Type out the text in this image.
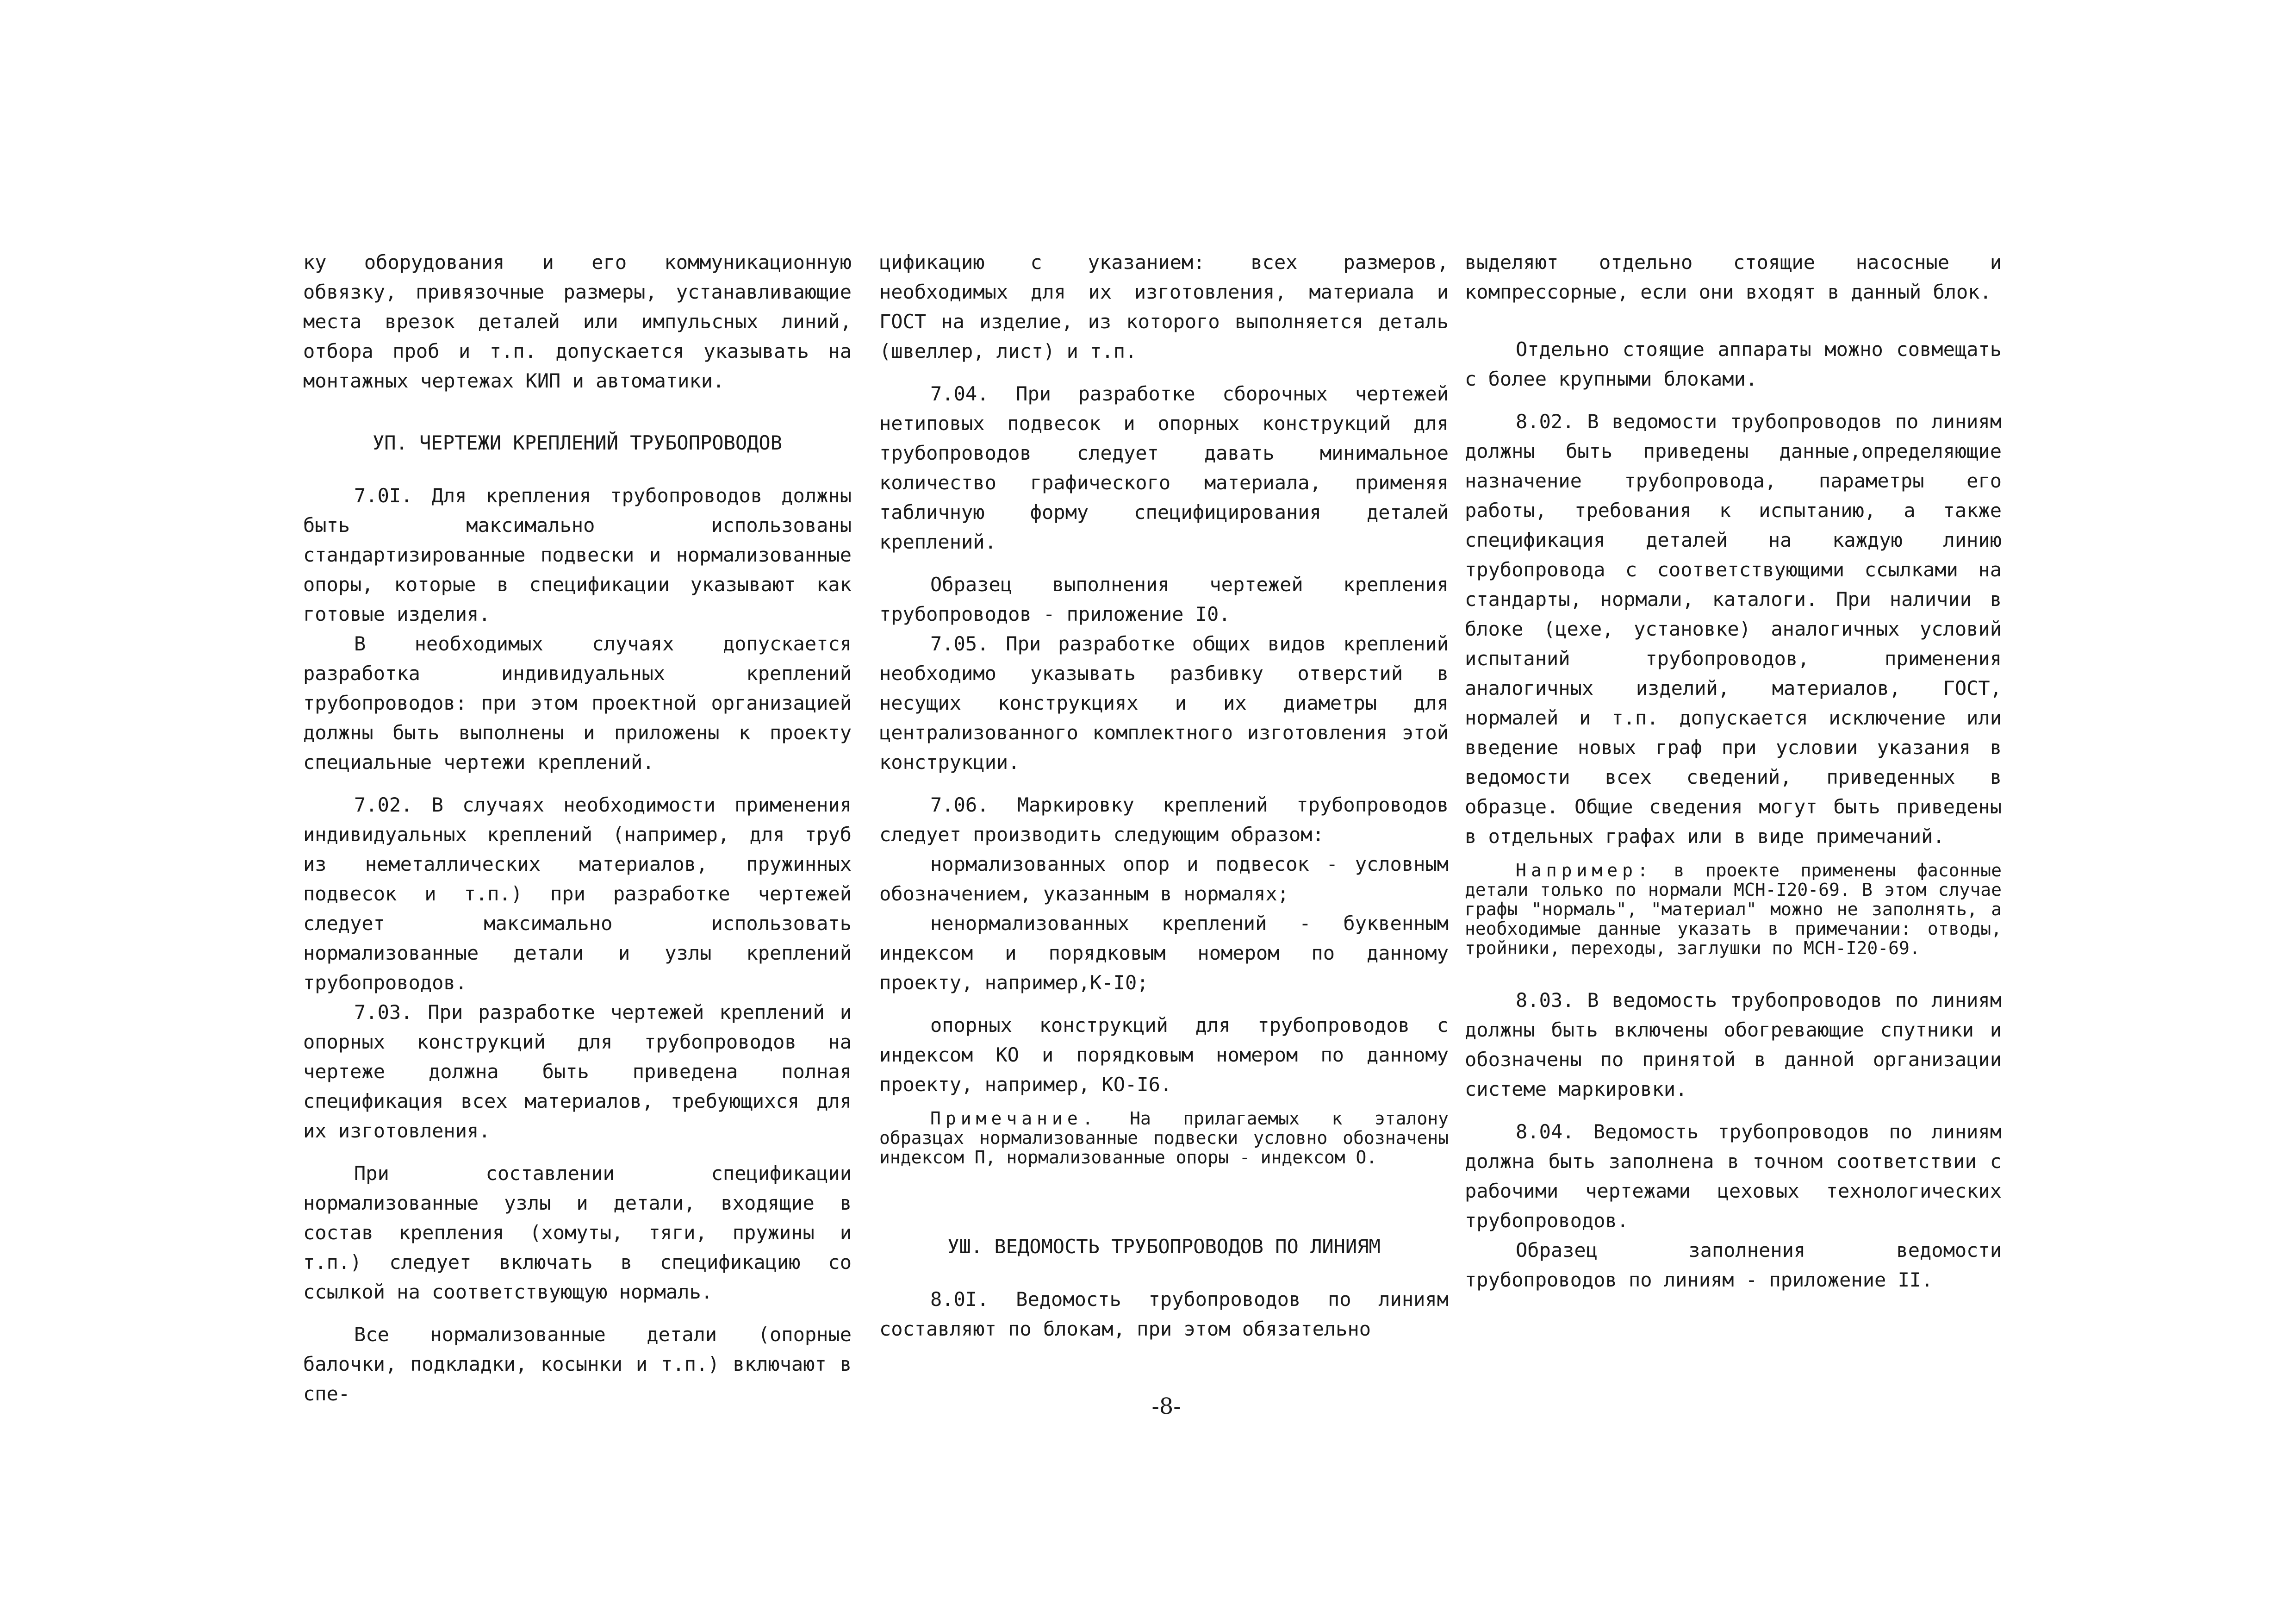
ку оборудования и его коммуникационную обвязку, привязочные размеры, устанавливающие места врезок деталей или импульсных линий, отбора проб и т.п. допускается указывать на монтажных чертежах КИП и автоматики.

УП. ЧЕРТЕЖИ КРЕПЛЕНИЙ ТРУБОПРОВОДОВ

7.0I. Для крепления трубопроводов должны быть максимально использованы стандартизированные подвески и нормализованные опоры, которые в спецификации указывают как готовые изделия.

В необходимых случаях допускается разработка индивидуальных креплений трубопроводов: при этом проектной организацией должны быть выполнены и приложены к проекту специальные чертежи креплений.

7.02. В случаях необходимости применения индивидуальных креплений (например, для труб из неметаллических материалов, пружинных подвесок и т.п.) при разработке чертежей следует максимально использовать нормализованные детали и узлы креплений трубопроводов.

7.03. При разработке чертежей креплений и опорных конструкций для трубопроводов на чертеже должна быть приведена полная спецификация всех материалов, требующихся для их изготовления.

При составлении спецификации нормализованные узлы и детали, входящие в состав крепления (хомуты, тяги, пружины и т.п.) следует включать в спецификацию со ссылкой на соответствующую нормаль.

Все нормализованные детали (опорные балочки, подкладки, косынки и т.п.) включают в спе-

цификацию с указанием: всех размеров, необходимых для их изготовления, материала и ГОСТ на изделие, из которого выполняется деталь (швеллер, лист) и т.п.

7.04. При разработке сборочных чертежей нетиповых подвесок и опорных конструкций для трубопроводов следует давать минимальное количество графического материала, применяя табличную форму специфицирования деталей креплений.

Образец выполнения чертежей крепления трубопроводов - приложение I0.

7.05. При разработке общих видов креплений необходимо указывать разбивку отверстий в несущих конструкциях и их диаметры для централизованного комплектного изготовления этой конструкции.

7.06. Маркировку креплений трубопроводов следует производить следующим образом:

нормализованных опор и подвесок - условным обозначением, указанным в нормалях;

ненормализованных креплений - буквенным индексом и порядковым номером по данному проекту, например,К-I0;

опорных конструкций для трубопроводов с индексом КО и порядковым номером по данному проекту, например, КО-I6.

Примечание. На прилагаемых к эталону образцах нормализованные подвески условно обозначены индексом П, нормализованные опоры - индексом О.

УШ. ВЕДОМОСТЬ ТРУБОПРОВОДОВ ПО ЛИНИЯМ

8.0I. Ведомость трубопроводов по линиям составляют по блокам, при этом обязательно

выделяют отдельно стоящие насосные и компрессорные, если они входят в данный блок.

Отдельно стоящие аппараты можно совмещать с более крупными блоками.

8.02. В ведомости трубопроводов по линиям должны быть приведены данные,определяющие назначение трубопровода, параметры его работы, требования к испытанию, а также спецификация деталей на каждую линию трубопровода с соответствующими ссылками на стандарты, нормали, каталоги. При наличии в блоке (цехе, установке) аналогичных условий испытаний трубопроводов, применения аналогичных изделий, материалов, ГОСТ, нормалей и т.п. допускается исключение или введение новых граф при условии указания в ведомости всех сведений, приведенных в образце. Общие сведения могут быть приведены в отдельных графах или в виде примечаний.

Например: в проекте применены фасонные детали только по нормали МСН-I20-69. В этом случае графы "нормаль", "материал" можно не заполнять, а необходимые данные указать в примечании: отводы, тройники, переходы, заглушки по МСН-I20-69.

8.03. В ведомость трубопроводов по линиям должны быть включены обогревающие спутники и обозначены по принятой в данной организации системе маркировки.

8.04. Ведомость трубопроводов по линиям должна быть заполнена в точном соответствии с рабочими чертежами цеховых технологических трубопроводов.

Образец заполнения ведомости трубопроводов по линиям - приложение II.

-8-
